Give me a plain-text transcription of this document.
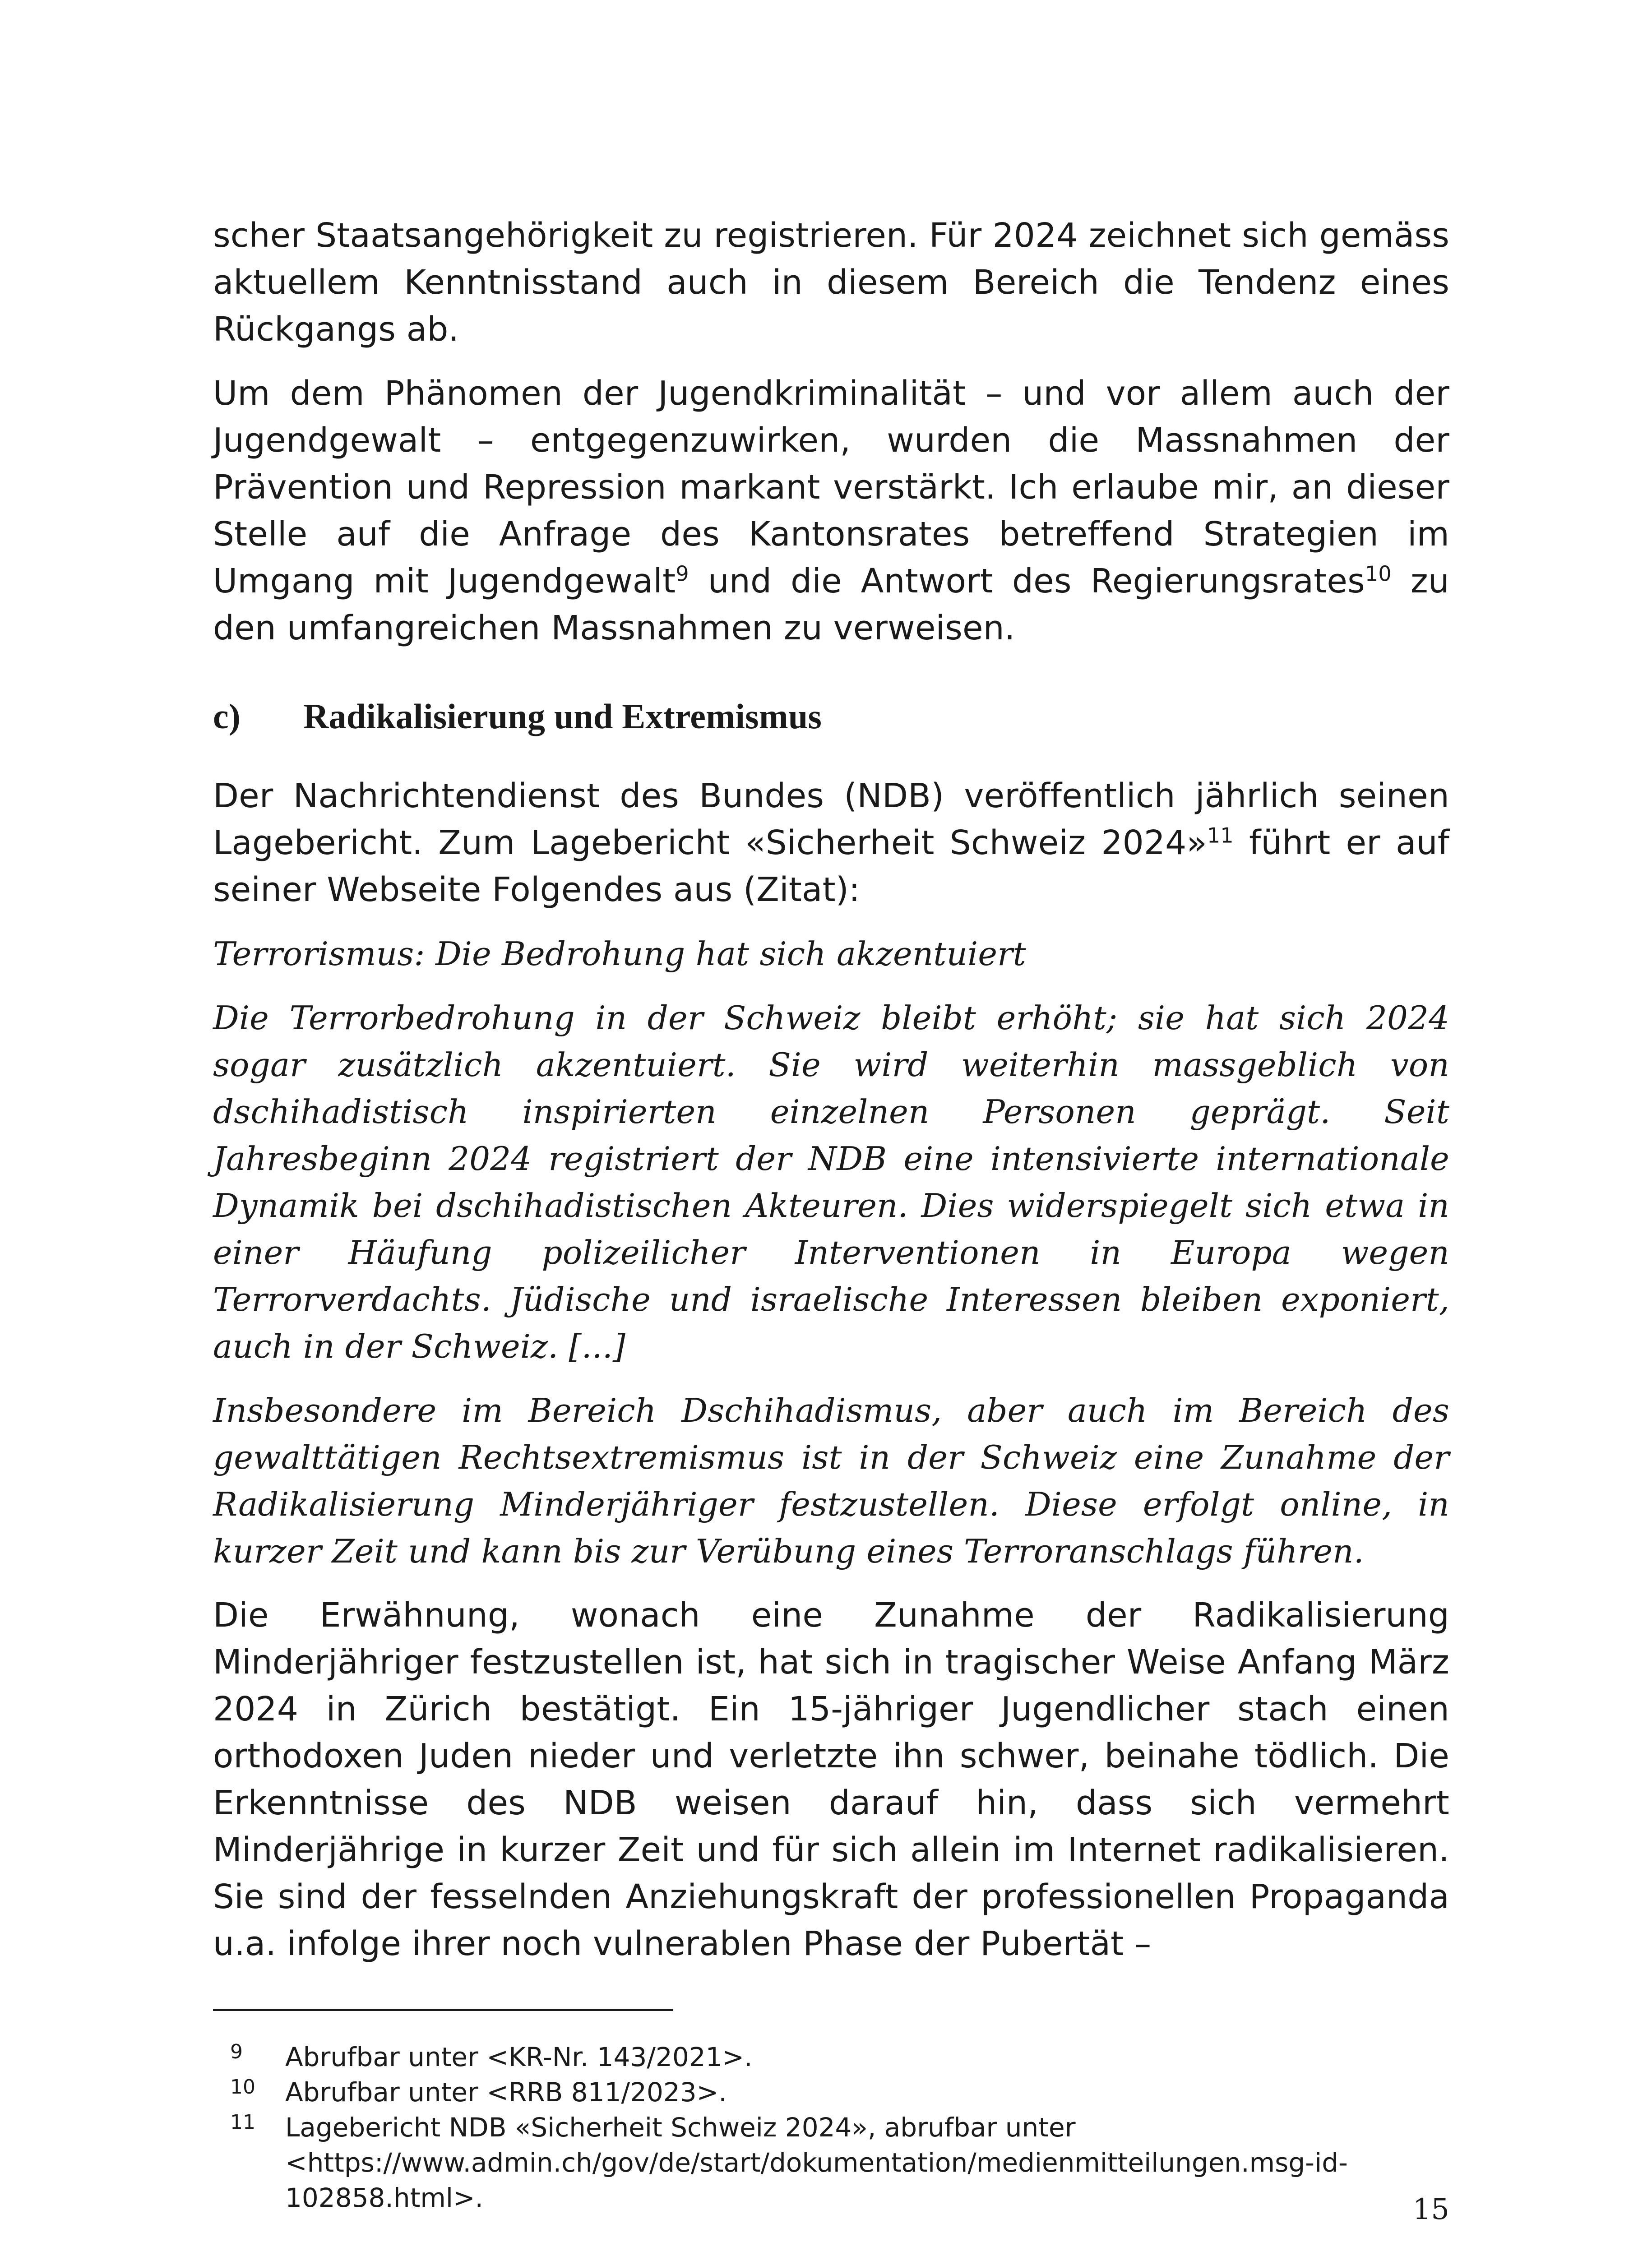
scher Staatsangehörigkeit zu registrieren. Für 2024 zeichnet sich gemäss aktuellem Kenntnisstand auch in diesem Bereich die Tendenz eines Rückgangs ab.

Um dem Phänomen der Jugendkriminalität – und vor allem auch der Jugendgewalt – entgegenzuwirken, wurden die Massnahmen der Prävention und Repression markant verstärkt. Ich erlaube mir, an dieser Stelle auf die Anfrage des Kantonsrates betreffend Strategien im Umgang mit Jugendgewalt$^9$ und die Antwort des Regierungsrates$^{10}$ zu den umfangreichen Massnahmen zu verweisen.

c)	Radikalisierung und Extremismus

Der Nachrichtendienst des Bundes (NDB) veröffentlich jährlich seinen Lagebericht. Zum Lagebericht «Sicherheit Schweiz 2024»$^{11}$ führt er auf seiner Webseite Folgendes aus (Zitat):

Terrorismus: Die Bedrohung hat sich akzentuiert

Die Terrorbedrohung in der Schweiz bleibt erhöht; sie hat sich 2024 sogar zusätzlich akzentuiert. Sie wird weiterhin massgeblich von dschihadistisch inspirierten einzelnen Personen geprägt. Seit Jahresbeginn 2024 registriert der NDB eine intensivierte internationale Dynamik bei dschihadistischen Akteuren. Dies widerspiegelt sich etwa in einer Häufung polizeilicher Interventionen in Europa wegen Terrorverdachts. Jüdische und israelische Interessen bleiben exponiert, auch in der Schweiz. [...]

Insbesondere im Bereich Dschihadismus, aber auch im Bereich des gewalttätigen Rechtsextremismus ist in der Schweiz eine Zunahme der Radikalisierung Minderjähriger festzustellen. Diese erfolgt online, in kurzer Zeit und kann bis zur Verübung eines Terroranschlags führen.

Die Erwähnung, wonach eine Zunahme der Radikalisierung Minderjähriger festzustellen ist, hat sich in tragischer Weise Anfang März 2024 in Zürich bestätigt. Ein 15-jähriger Jugendlicher stach einen orthodoxen Juden nieder und verletzte ihn schwer, beinahe tödlich. Die Erkenntnisse des NDB weisen darauf hin, dass sich vermehrt Minderjährige in kurzer Zeit und für sich allein im Internet radikalisieren. Sie sind der fesselnden Anziehungskraft der professionellen Propaganda u.a. infolge ihrer noch vulnerablen Phase der Pubertät –

9	Abrufbar unter <KR-Nr. 143/2021>.
10	Abrufbar unter <RRB 811/2023>.
11	Lagebericht NDB «Sicherheit Schweiz 2024», abrufbar unter <https://www.admin.ch/gov/de/start/dokumentation/medienmitteilungen.msg-id-102858.html>.	15
